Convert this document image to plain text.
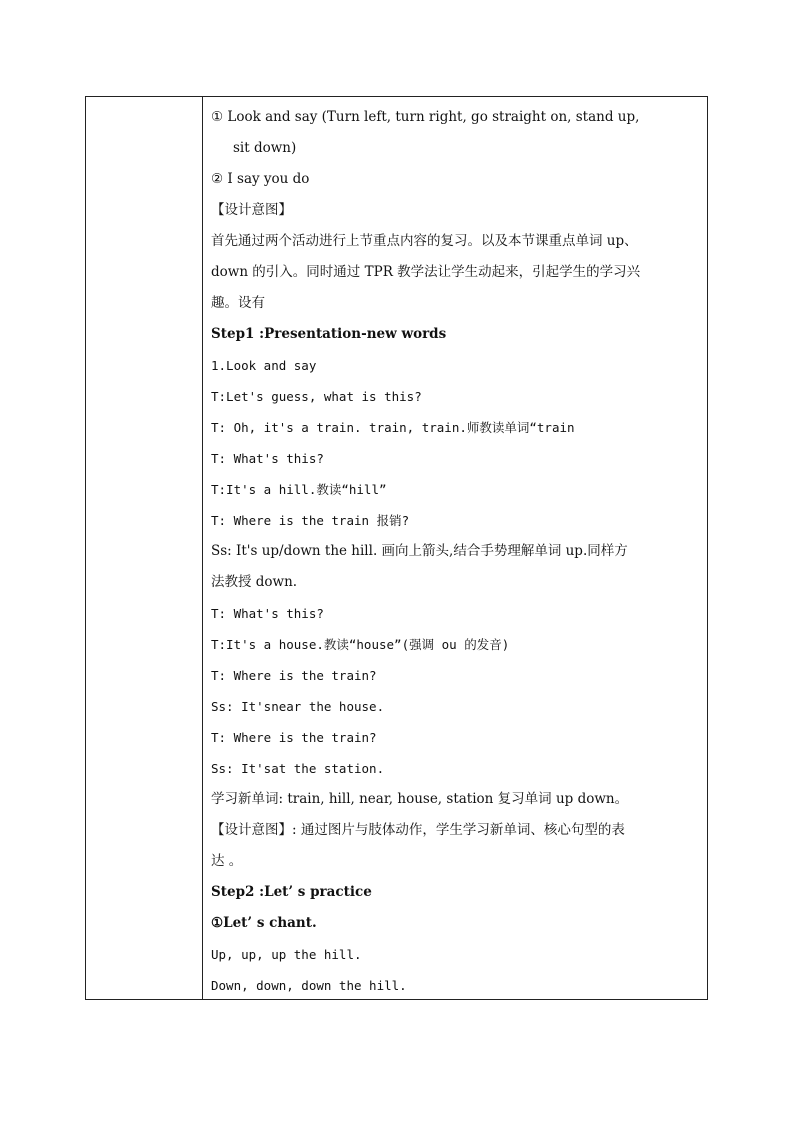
① Look and say (Turn left, turn right, go straight on, stand up,
sit down)
② I say you do
【设计意图】
首先通过两个活动进行上节重点内容的复习。以及本节课重点单词 up、
down 的引入。同时通过 TPR 教学法让学生动起来，引起学生的学习兴
趣。设有
Step1 :Presentation-new words
1.Look and say
T:Let's guess, what is this?
T: Oh, it's a train. train, train.师教读单词“train
T: What's this?
T:It's a hill.教读“hill”
T: Where is the train 报销?
Ss: It's up/down the hill. 画向上箭头,结合手势理解单词 up.同样方
法教授 down.
T: What's this?
T:It's a house.教读“house”(强调 ou 的发音)
T: Where is the train?
Ss: It'snear the house.
T: Where is the train?
Ss: It'sat the station.
学习新单词: train, hill, near, house, station 复习单词 up down。
【设计意图】: 通过图片与肢体动作，学生学习新单词、核心句型的表
达 。
Step2 :Let’ s practice
①Let’ s chant.
Up, up, up the hill.
Down, down, down the hill.
